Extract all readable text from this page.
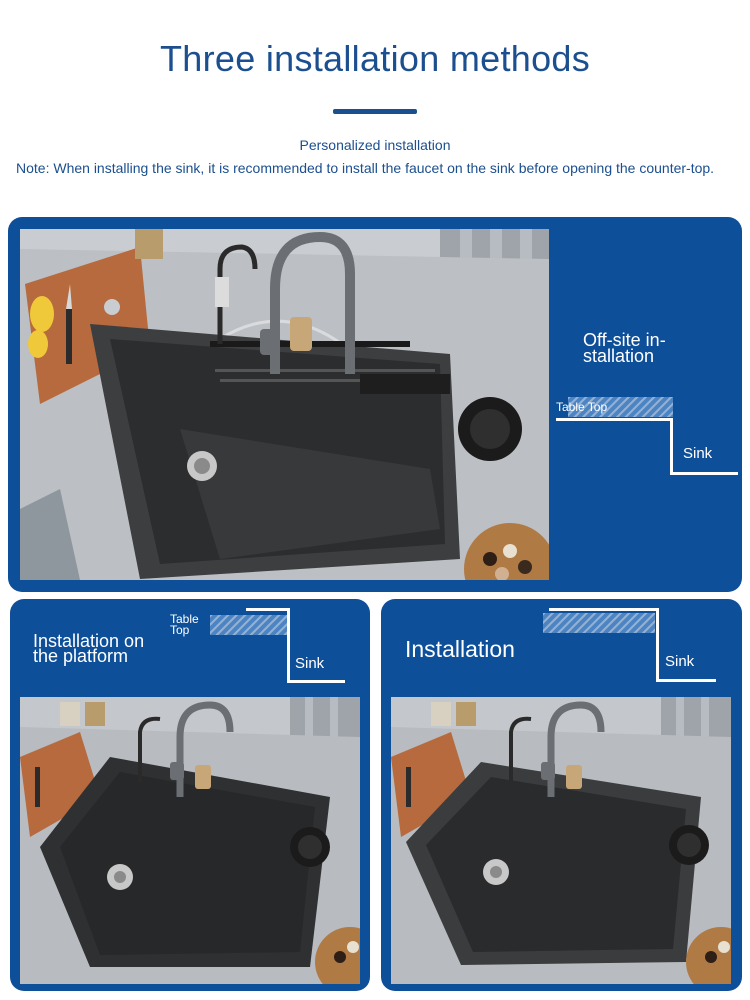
Three installation methods
Personalized installation
Note: When installing the sink, it is recommended to install the faucet on the sink before opening the counter-top.
Off-site in-
stallation
Table Top
Sink
Installation on
the platform
Table
Top
Sink
Installation	Sink
